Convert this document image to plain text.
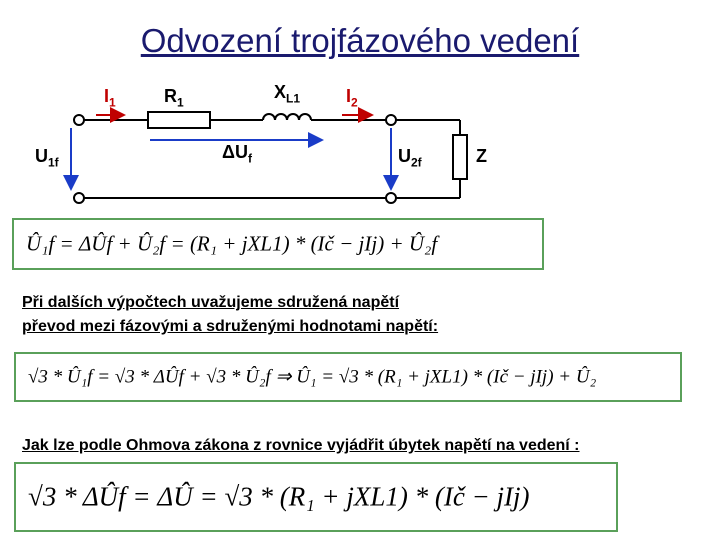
Odvození trojfázového vedení
$I_1$	$R_1$
$X_{L1}$	$I_2$
$U_{1f}$
$\Delta U_f$	$U_{2f}$	Z
Û₁f = ΔÛf + Û₂f = (R₁ + jXL1) * (Ič − jIj) + Û₂f
Při dalších výpočtech uvažujeme sdružená napětí
převod mezi fázovými a sdruženými hodnotami napětí:
√3 * Û₁f = √3 * ΔÛf + √3 * Û₂f ⇒ Û₁ = √3 * (R₁ + jXL1) * (Ič − jIj) + Û₂
Jak lze podle Ohmova zákona z rovnice vyjádřit úbytek napětí na vedení :
√3 * ΔÛf = ΔÛ = √3 * (R₁ + jXL1) * (Ič − jIj)
